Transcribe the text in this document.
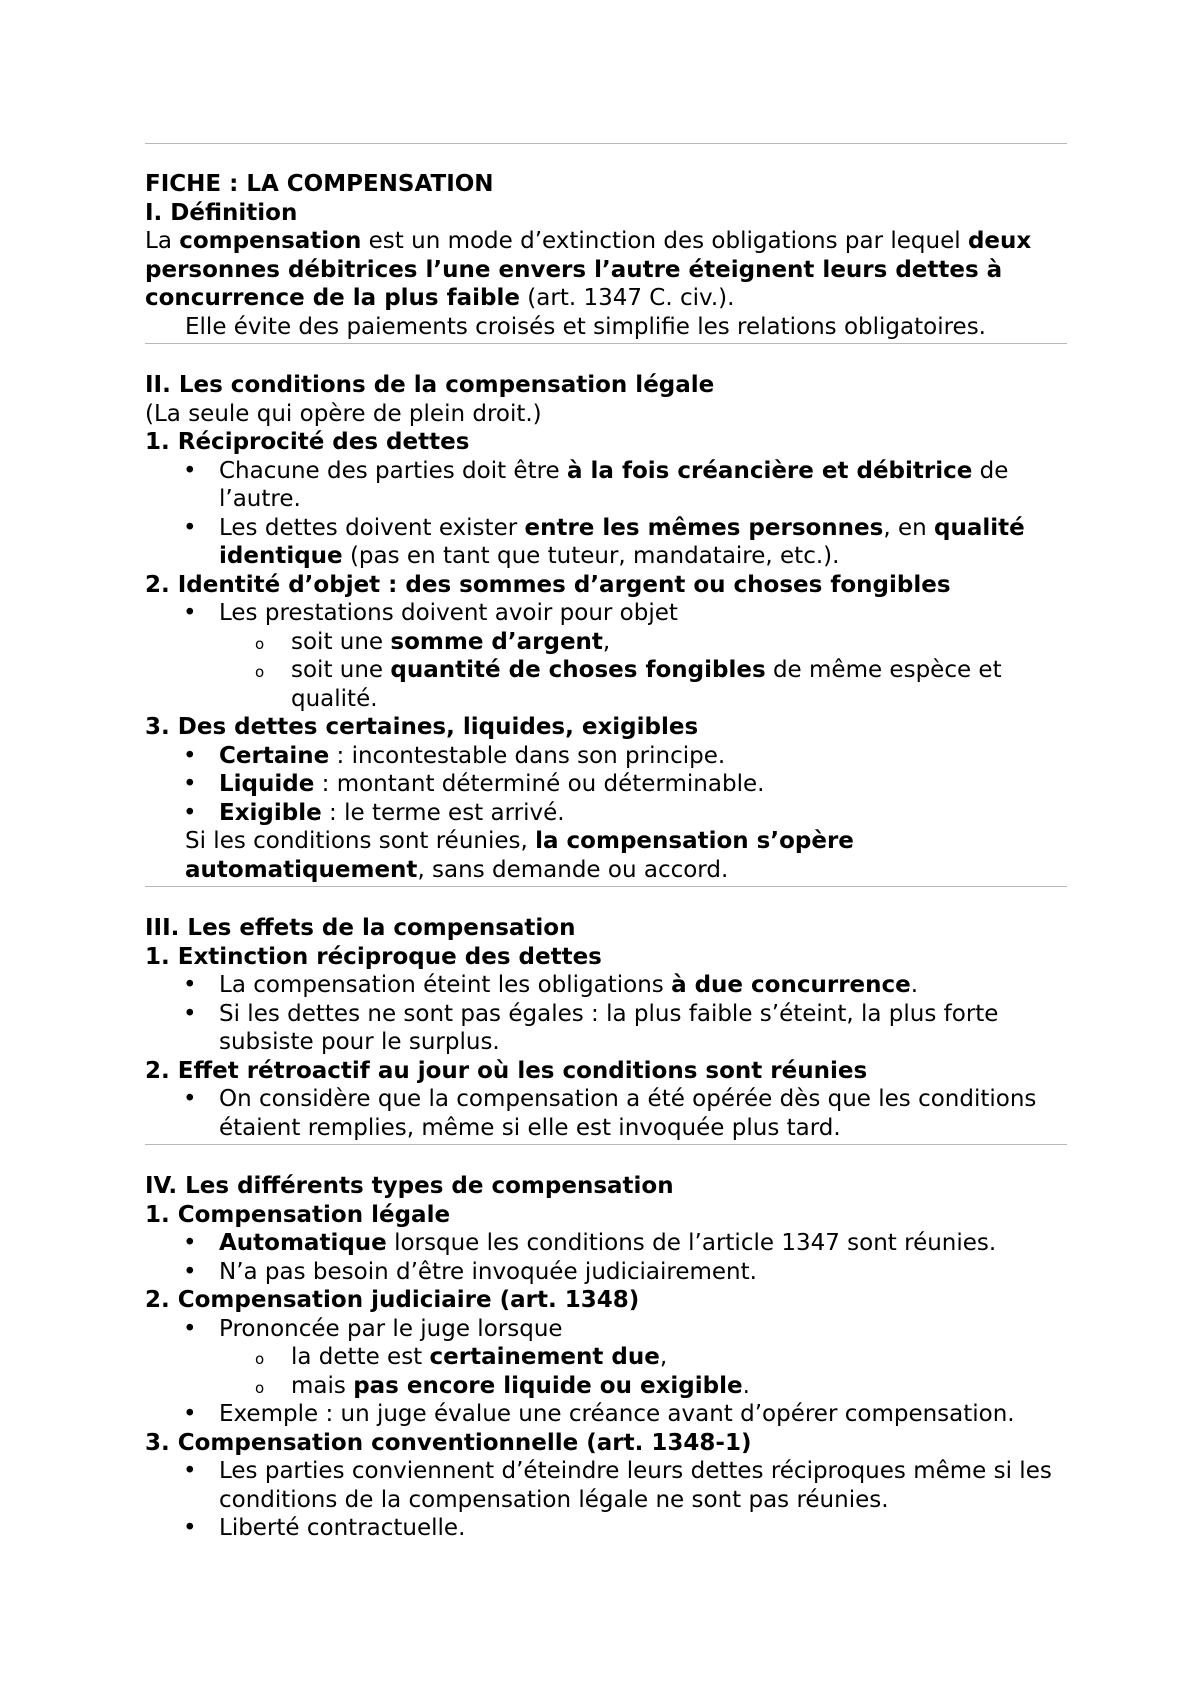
FICHE : LA COMPENSATION

I. Définition

La compensation est un mode d’extinction des obligations par lequel deux personnes débitrices l’une envers l’autre éteignent leurs dettes à concurrence de la plus faible (art. 1347 C. civ.).

Elle évite des paiements croisés et simplifie les relations obligatoires.

II. Les conditions de la compensation légale

(La seule qui opère de plein droit.)

1. Réciprocité des dettes

• Chacune des parties doit être à la fois créancière et débitrice de l’autre.
• Les dettes doivent exister entre les mêmes personnes, en qualité identique (pas en tant que tuteur, mandataire, etc.).

2. Identité d’objet : des sommes d’argent ou choses fongibles

• Les prestations doivent avoir pour objet
o	soit une somme d’argent,
o	soit une quantité de choses fongibles de même espèce et qualité.

3. Des dettes certaines, liquides, exigibles

• Certaine : incontestable dans son principe.
• Liquide : montant déterminé ou déterminable.
• Exigible : le terme est arrivé.

Si les conditions sont réunies, la compensation s’opère automatiquement, sans demande ou accord.

III. Les effets de la compensation

1. Extinction réciproque des dettes

• La compensation éteint les obligations à due concurrence.
• Si les dettes ne sont pas égales : la plus faible s’éteint, la plus forte subsiste pour le surplus.

2. Effet rétroactif au jour où les conditions sont réunies

• On considère que la compensation a été opérée dès que les conditions étaient remplies, même si elle est invoquée plus tard.

IV. Les différents types de compensation

1. Compensation légale

• Automatique lorsque les conditions de l’article 1347 sont réunies.
• N’a pas besoin d’être invoquée judiciairement.

2. Compensation judiciaire (art. 1348)

• Prononcée par le juge lorsque
o	la dette est certainement due,
o	mais pas encore liquide ou exigible.
• Exemple : un juge évalue une créance avant d’opérer compensation.

3. Compensation conventionnelle (art. 1348-1)

• Les parties conviennent d’éteindre leurs dettes réciproques même si les conditions de la compensation légale ne sont pas réunies.
• Liberté contractuelle.
